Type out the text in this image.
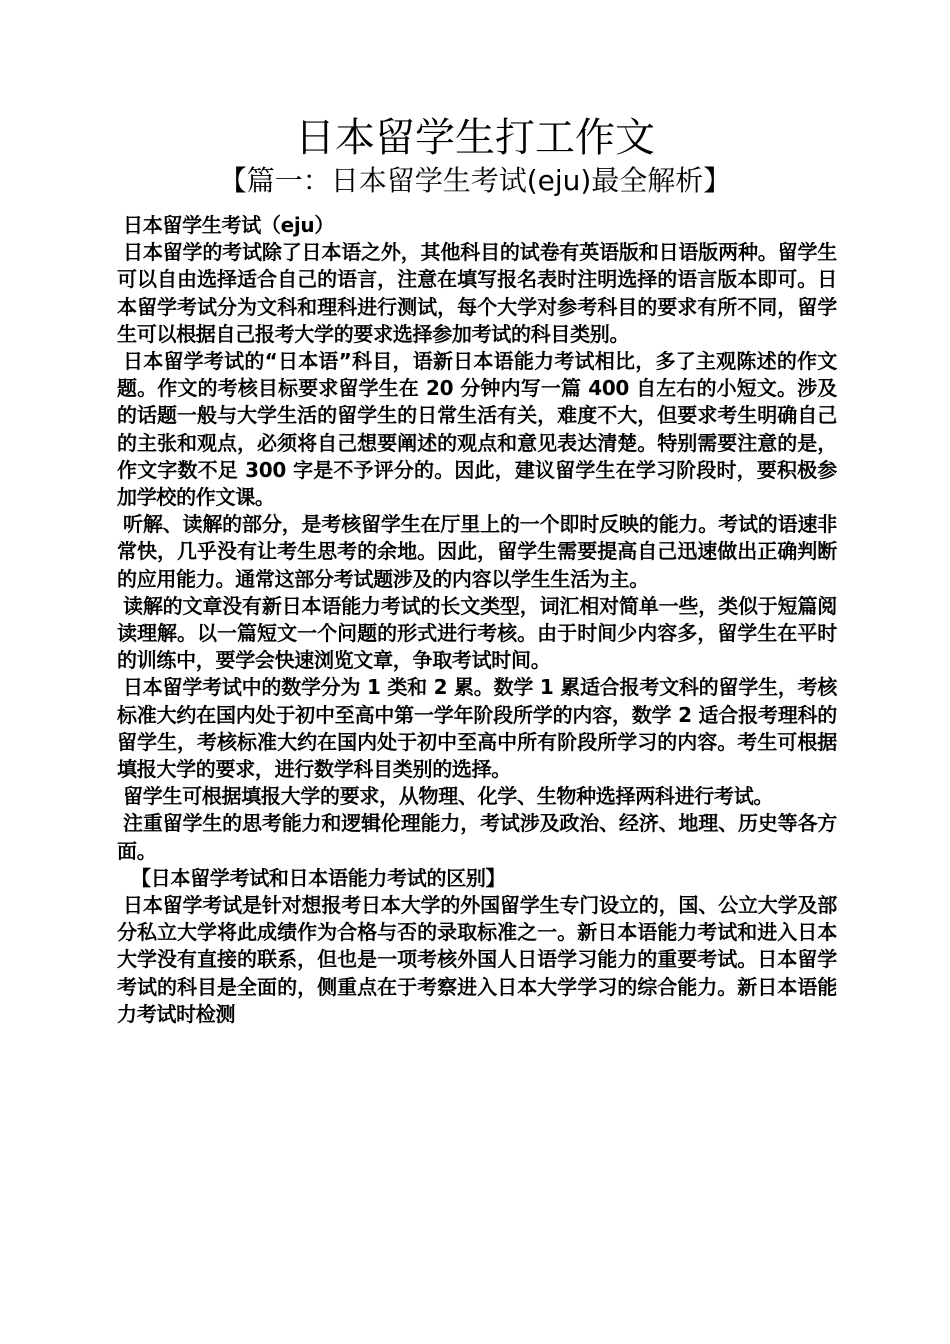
日本留学生打工作文
【篇一：日本留学生考试(eju)最全解析】

日本留学生考试（eju）

日本留学的考试除了日本语之外，其他科目的试卷有英语版和日语版两种。留学生可以自由选择适合自己的语言，注意在填写报名表时注明选择的语言版本即可。日本留学考试分为文科和理科进行测试，每个大学对参考科目的要求有所不同，留学生可以根据自己报考大学的要求选择参加考试的科目类别。

日本留学考试的“日本语”科目，语新日本语能力考试相比，多了主观陈述的作文题。作文的考核目标要求留学生在 20 分钟内写一篇 400 自左右的小短文。涉及的话题一般与大学生活的留学生的日常生活有关，难度不大，但要求考生明确自己的主张和观点，必须将自己想要阐述的观点和意见表达清楚。特别需要注意的是，作文字数不足 300 字是不予评分的。因此，建议留学生在学习阶段时，要积极参加学校的作文课。

听解、读解的部分，是考核留学生在厅里上的一个即时反映的能力。考试的语速非常快，几乎没有让考生思考的余地。因此，留学生需要提高自己迅速做出正确判断的应用能力。通常这部分考试题涉及的内容以学生生活为主。

读解的文章没有新日本语能力考试的长文类型，词汇相对简单一些，类似于短篇阅读理解。以一篇短文一个问题的形式进行考核。由于时间少内容多，留学生在平时的训练中，要学会快速浏览文章，争取考试时间。

日本留学考试中的数学分为 1 类和 2 累。数学 1 累适合报考文科的留学生，考核标准大约在国内处于初中至高中第一学年阶段所学的内容，数学 2 适合报考理科的留学生，考核标准大约在国内处于初中至高中所有阶段所学习的内容。考生可根据填报大学的要求，进行数学科目类别的选择。

留学生可根据填报大学的要求，从物理、化学、生物种选择两科进行考试。

注重留学生的思考能力和逻辑伦理能力，考试涉及政治、经济、地理、历史等各方面。

【日本留学考试和日本语能力考试的区别】

日本留学考试是针对想报考日本大学的外国留学生专门设立的，国、公立大学及部分私立大学将此成绩作为合格与否的录取标准之一。新日本语能力考试和进入日本大学没有直接的联系，但也是一项考核外国人日语学习能力的重要考试。日本留学考试的科目是全面的，侧重点在于考察进入日本大学学习的综合能力。新日本语能力考试时检测
